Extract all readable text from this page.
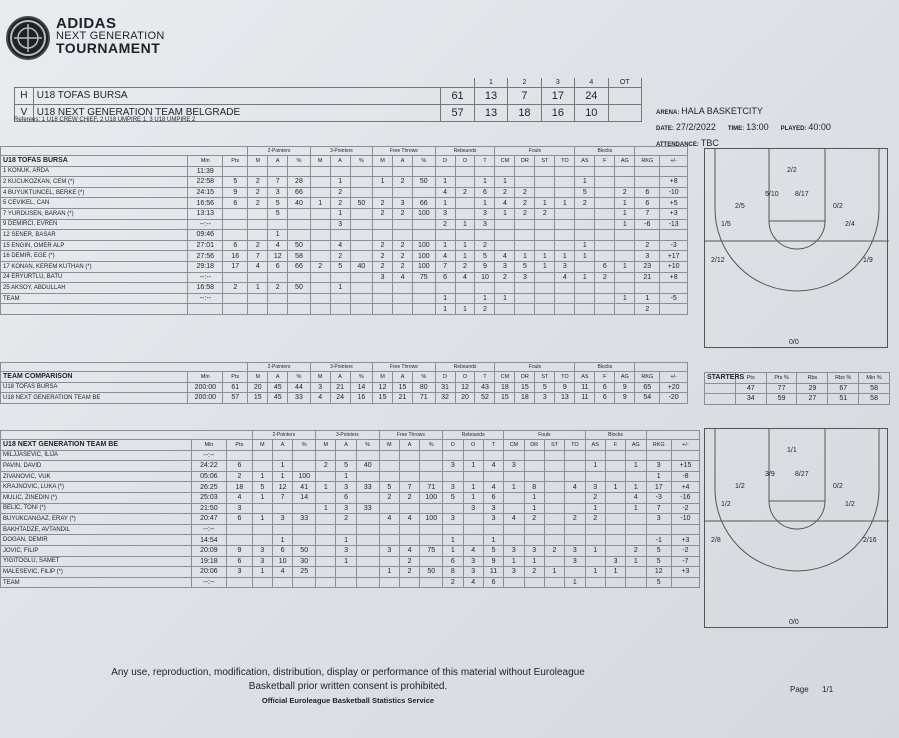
ADIDAS
NEXT GENERATION
TOURNAMENT
			1	2	3	4	OT
H	U18 TOFAS BURSA	61	13	7	17	24	
V	U18 NEXT GENERATION TEAM BELGRADE	57	13	18	16	10	
Referees: 1 U18 CREW CHIEF, 2 U18 UMPIRE 1, 3 U18 UMPIRE 2
ARENA: HALA BASKETCITY
DATE: 27/2/2022 TIME: 13:00 PLAYED: 40:00
ATTENDANCE: TBC
			2-Pointers			3-Pointers			Free Throws			Rebounds			Fouls				Blocks				
U18 TOFAS BURSA	Min	Pts	M	A	%	M	A	%	M	A	%	D	O	T	CM	DR	ST	TO	AS	F	AG	RKG	+/-
1 KONUK, ARDA	11:39																						
2 KUCUKOZKAN, CEM (*)	22:58	5	2	7	28		1		1	2	50	1		1	1				1				+8
4 BUYUKTUNCEL, BERKE (*)	24:15	9	2	3	66		2					4	2	6	2	2			5		2	6	-10
5 CEVIKEL, CAN	16:56	6	2	5	40	1	2	50	2	3	66	1		1	4	2	1	1	2		1	6	+5
7 YURDUSEN, BARAN (*)	13:13			5			1		2	2	100	3		3	1	2	2				1	7	+3
9 DEMIRCI, EVREN	--:--						3					2	1	3							1	-6	-13
12 SENER, BASAR	09:46			1																			
15 ENGIN, OMER ALP	27:01	6	2	4	50		4		2	2	100	1	1	2					1			2	-3
16 DEMIR, EGE (*)	27:56	16	7	12	58		2		2	2	100	4	1	5	4	1	1	1	1			3	+17
17 KONAN, KEREM KUTHAN (*)	29:18	17	4	6	66	2	5	40	2	2	100	7	2	9	3	5	1	3		6	1	23	+10
24 ERYURTLU, BATU	--:--								3	4	75	6	4	10	2	3		4	1	2		21	+8
25 AKSOY, ABDULLAH	16:58	2	1	2	50		1																
TEAM	--:--											1		1	1						1	1	-5
												1	1	2								2	
			2-Pointers			3-Pointers			Free Throws			Rebounds			Fouls				Blocks				
TEAM COMPARISON	Min	Pts	M	A	%	M	A	%	M	A	%	D	O	T	CM	DR	ST	TO	AS	F	AG	RKG	+/-
U18 TOFAS BURSA	200:00	61	20	45	44	3	21	14	12	15	80	31	12	43	18	15	5	9	11	6	9	65	+20
U18 NEXT GENERATION TEAM BE	200:00	57	15	45	33	4	24	16	15	21	71	32	20	52	15	18	3	13	11	6	9	54	-20
			2-Pointers			3-Pointers			Free Throws			Rebounds			Fouls				Blocks				
U18 NEXT GENERATION TEAM BE	Min	Pts	M	A	%	M	A	%	M	A	%	D	O	T	CM	DR	ST	TO	AS	F	AG	RKG	+/-
MILJJASEVIC, ILIJA	--:--																						
PAVIN, DAVID	24:22	6		1		2	5	40				3	1	4	3				1		1	3	+15
ZIVANOVIC, VUK	05:06	2	1	1	100		1															1	-8
KRAJNOVIC, LUKA (*)	26:25	18	5	12	41	1	3	33	5	7	71	3	1	4	1	8		4	3	1	1	17	+4
MULIC, ZINEDIN (*)	25:03	4	1	7	14		6		2	2	100	5	1	6		1			2		4	-3	-16
BELIC, TONI (*)	21:50	3				1	3	33					3	3		1			1		1	7	-2
BUYUKCANGAZ, ERAY (*)	20:47	6	1	3	33		2		4	4	100	3		3	4	2		2	2			3	-10
BAKHTADZE, AVTANDIL	--:--																						
DOGAN, DEMIR	14:54			1			1					1		1								-1	+3
JOVIC, FILIP	20:09	9	3	6	50		3		3	4	75	1	4	5	3	3	2	3	1		2	5	-2
YIGITOGLU, SAMET	19:18	6	3	10	30		1			2		6	3	9	1	1		3		3	1	5	-7
MALESEVIC, FILIP (*)	20:06	3	1	4	25				1	2	50	8	3	11	3	2	1		1	1		12	+3
TEAM	--:--											2	4	6				1				5	
STARTERS	Pts	Pts %	Rbs	Rbs %	Min %
	47	77	29	67	58
	34	59	27	51	58
2/2
5/10 8/17
2/5	0/2
1/5	2/4
2/12	1/9
0/0
1/1
3/9	8/27
1/2	0/2
1/2	1/2
2/8	2/16
0/0
Any use, reproduction, modification, distribution, display or performance of this material without Euroleague
Basketball prior written consent is prohibited.
Official Euroleague Basketball Statistics Service
Page 1/1
